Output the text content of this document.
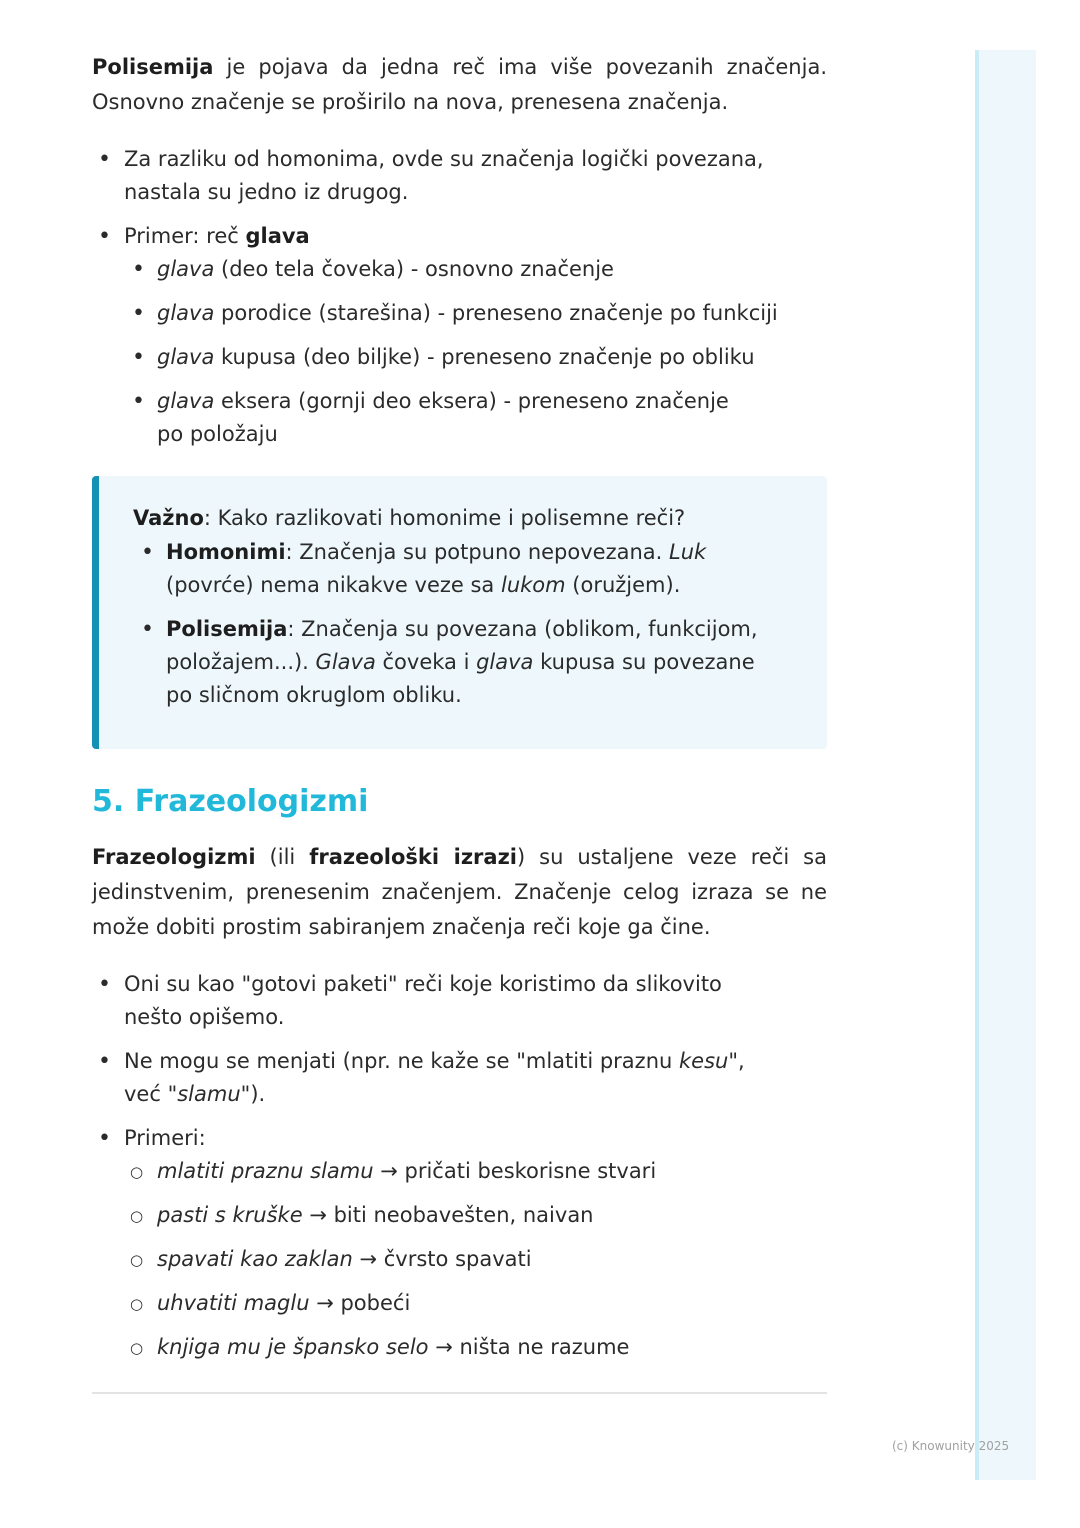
Polisemija je pojava da jedna reč ima više povezanih značenja. Osnovno značenje se proširilo na nova, prenesena značenja.

• Za razliku od homonima, ovde su značenja logički povezana, nastala su jedno iz drugog.
• Primer: reč glava
• glava (deo tela čoveka) - osnovno značenje
• glava porodice (starešina) - preneseno značenje po funkciji
• glava kupusa (deo biljke) - preneseno značenje po obliku
• glava eksera (gornji deo eksera) - preneseno značenje po položaju
Važno: Kako razlikovati homonime i polisemne reči?
• Homonimi: Značenja su potpuno nepovezana. Luk (povrće) nema nikakve veze sa lukom (oružjem).
• Polisemija: Značenja su povezana (oblikom, funkcijom, položajem...). Glava čoveka i glava kupusa su povezane po sličnom okruglom obliku.
5. Frazeologizmi

Frazeologizmi (ili frazeološki izrazi) su ustaljene veze reči sa jedinstvenim, prenesenim značenjem. Značenje celog izraza se ne može dobiti prostim sabiranjem značenja reči koje ga čine.

• Oni su kao "gotovi paketi" reči koje koristimo da slikovito nešto opišemo.
• Ne mogu se menjati (npr. ne kaže se "mlatiti praznu kesu", već "slamu").
• Primeri:
○ mlatiti praznu slamu → pričati beskorisne stvari
○ pasti s kruške → biti neobavešten, naivan
○ spavati kao zaklan → čvrsto spavati
○ uhvatiti maglu → pobeći
○ knjiga mu je špansko selo → ništa ne razume
(c) Knowunity 2025
